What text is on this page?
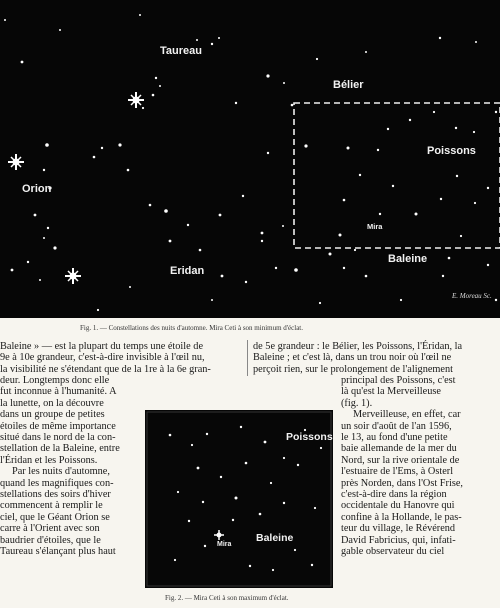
Taureau
Bélier
Poissons
Orion
Mira
Eridan
Baleine
E. Moreau Sc.
Fig. 1. — Constellations des nuits d'automne. Mira Ceti à son minimum d'éclat.

Baleine » — est la plupart du temps une étoile de

9e à 10e grandeur, c'est-à-dire invisible à l'œil nu,

la visibilité ne s'étendant que de la 1re à la 6e gran-

deur. Longtemps donc elle

fut inconnue à l'humanité. A

la lunette, on la découvre

dans un groupe de petites

étoiles de même importance

situé dans le nord de la con-

stellation de la Baleine, entre

l'Éridan et les Poissons.

Par les nuits d'automne,

quand les magnifiques con-

stellations des soirs d'hiver

commencent à remplir le

ciel, que le Géant Orion se

carre à l'Orient avec son

baudrier d'étoiles, que le

Taureau s'élançant plus haut

de 5e grandeur : le Bélier, les Poissons, l'Éridan, la

Baleine ; et c'est là, dans un trou noir où l'œil ne

perçoit rien, sur le prolongement de l'alignement

principal des Poissons, c'est

là qu'est la Merveilleuse

(fig. 1).

Merveilleuse, en effet, car

un soir d'août de l'an 1596,

le 13, au fond d'une petite

baie allemande de la mer du

Nord, sur la rive orientale de

l'estuaire de l'Ems, à Osterl

près Norden, dans l'Ost Frise,

c'est-à-dire dans la région

occidentale du Hanovre qui

confine à la Hollande, le pas-

teur du village, le Révérend

David Fabricius, qui, infati-

gable observateur du ciel

Poissons
Mira
Baleine
Fig. 2. — Mira Ceti à son maximum d'éclat.
